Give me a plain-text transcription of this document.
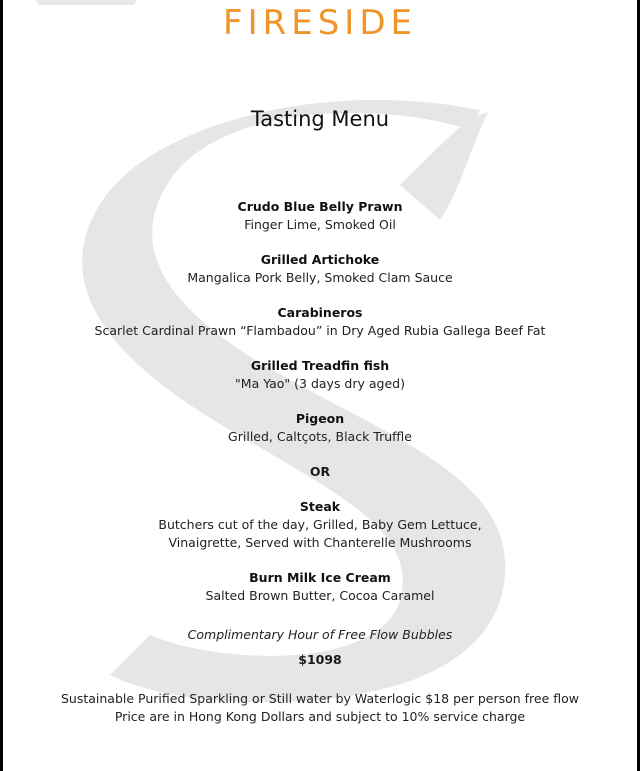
FIRESIDE
Tasting Menu
Crudo Blue Belly Prawn
Finger Lime, Smoked Oil
Grilled Artichoke
Mangalica Pork Belly, Smoked Clam Sauce
Carabineros
Scarlet Cardinal Prawn “Flambadou” in Dry Aged Rubia Gallega Beef Fat
Grilled Treadfin fish
"Ma Yao" (3 days dry aged)
Pigeon
Grilled, Caltçots, Black Truffle
OR
Steak
Butchers cut of the day, Grilled, Baby Gem Lettuce,
Vinaigrette, Served with Chanterelle Mushrooms
Burn Milk Ice Cream
Salted Brown Butter, Cocoa Caramel
Complimentary Hour of Free Flow Bubbles
$1098
Sustainable Purified Sparkling or Still water by Waterlogic $18 per person free flow
Price are in Hong Kong Dollars and subject to 10% service charge
